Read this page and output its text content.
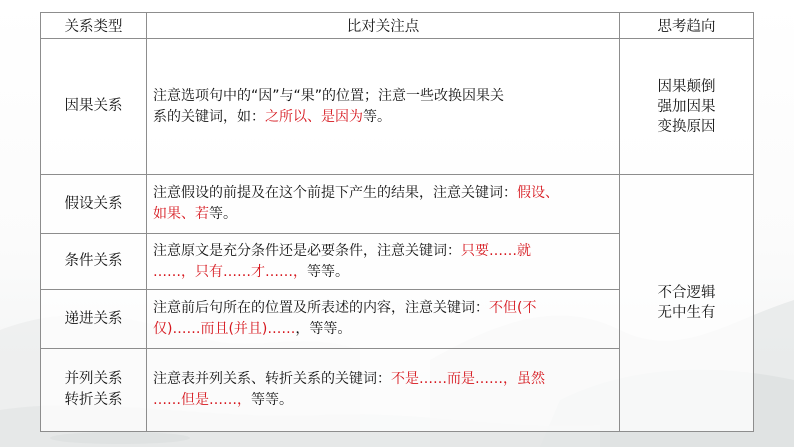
关系类型	比对关注点	思考趋向

因果关系	注意选项句中的“因”与“果”的位置；注意一些改换因果关
系的关键词，如：之所以、是因为等。	因果颠倒
强加因果
变换原因

假设关系	注意假设的前提及在这个前提下产生的结果，注意关键词：假设、
如果、若等。	不合逻辑
无中生有

条件关系	注意原文是充分条件还是必要条件，注意关键词：只要……就
……，只有……才……，等等。	

递进关系	注意前后句所在的位置及所表述的内容，注意关键词：不但(不
仅)……而且(并且)……，等等。	

并列关系
转折关系	注意表并列关系、转折关系的关键词：不是……而是……，虽然
……但是……，等等。	
